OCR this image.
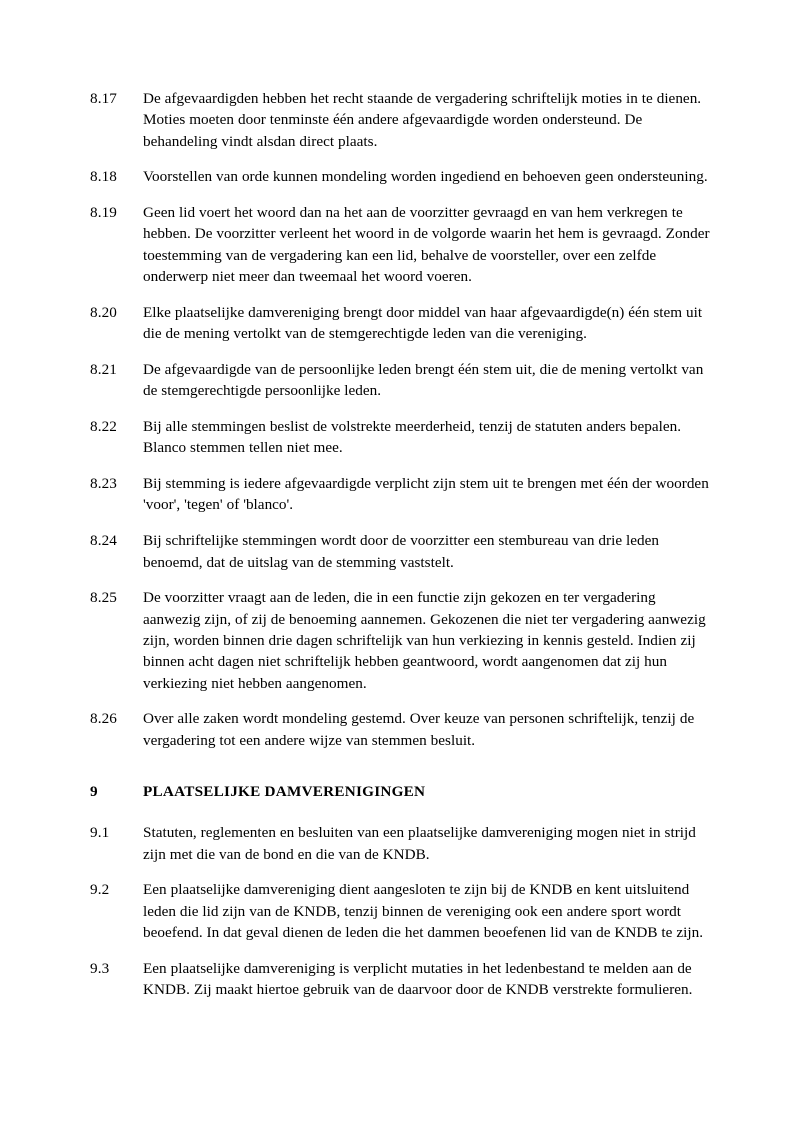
8.17	De afgevaardigden hebben het recht staande de vergadering schriftelijk moties in te dienen. Moties moeten door tenminste één andere afgevaardigde worden ondersteund. De behandeling vindt alsdan direct plaats.
8.18	Voorstellen van orde kunnen mondeling worden ingediend en behoeven geen ondersteuning.
8.19	Geen lid voert het woord dan na het aan de voorzitter gevraagd en van hem verkregen te hebben. De voorzitter verleent het woord in de volgorde waarin het hem is gevraagd. Zonder toestemming van de vergadering kan een lid, behalve de voorsteller, over een zelfde onderwerp niet meer dan tweemaal het woord voeren.
8.20	Elke plaatselijke damvereniging brengt door middel van haar afgevaardigde(n) één stem uit die de mening vertolkt van de stemgerechtigde leden van die vereniging.
8.21	De afgevaardigde van de persoonlijke leden brengt één stem uit, die de mening vertolkt van de stemgerechtigde persoonlijke leden.
8.22	Bij alle stemmingen beslist de volstrekte meerderheid, tenzij de statuten anders bepalen. Blanco stemmen tellen niet mee.
8.23	Bij stemming is iedere afgevaardigde verplicht zijn stem uit te brengen met één der woorden 'voor', 'tegen' of 'blanco'.
8.24	Bij schriftelijke stemmingen wordt door de voorzitter een stembureau van drie leden benoemd, dat de uitslag van de stemming vaststelt.
8.25	De voorzitter vraagt aan de leden, die in een functie zijn gekozen en ter vergadering aanwezig zijn, of zij de benoeming aannemen. Gekozenen die niet ter vergadering aanwezig zijn, worden binnen drie dagen schriftelijk van hun verkiezing in kennis gesteld. Indien zij binnen acht dagen niet schriftelijk hebben geantwoord, wordt aangenomen dat zij hun verkiezing niet hebben aangenomen.
8.26	Over alle zaken wordt mondeling gestemd. Over keuze van personen schriftelijk, tenzij de vergadering tot een andere wijze van stemmen besluit.
9	PLAATSELIJKE DAMVERENIGINGEN
9.1	Statuten, reglementen en besluiten van een plaatselijke damvereniging mogen niet in strijd zijn met die van de bond en die van de KNDB.
9.2	Een plaatselijke damvereniging dient aangesloten te zijn bij de KNDB en kent uitsluitend leden die lid zijn van de KNDB, tenzij binnen de vereniging ook een andere sport wordt beoefend. In dat geval dienen de leden die het dammen beoefenen lid van de KNDB te zijn.
9.3	Een plaatselijke damvereniging is verplicht mutaties in het ledenbestand te melden aan de KNDB. Zij maakt hiertoe gebruik van de daarvoor door de KNDB verstrekte formulieren.
